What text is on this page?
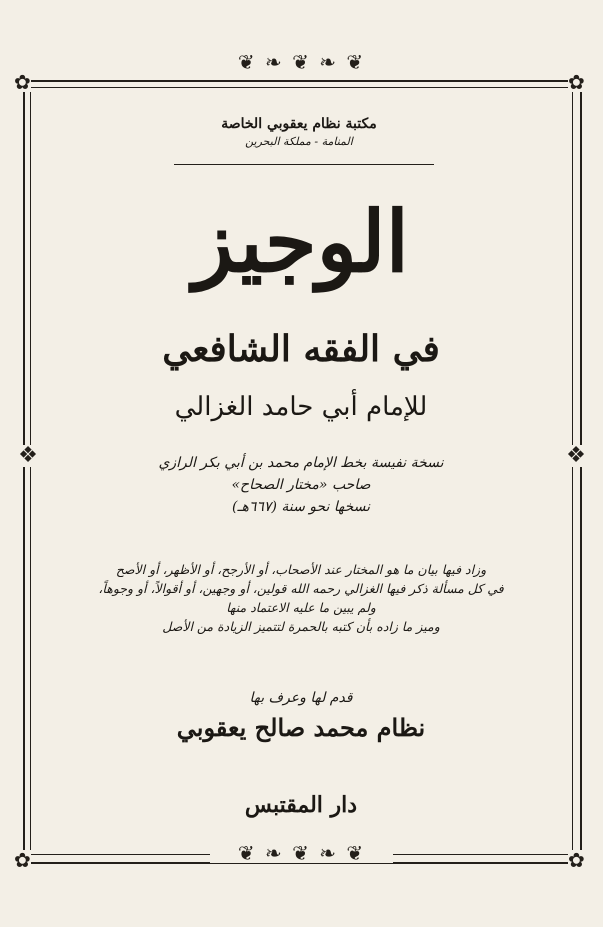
❦ ❧ ❦ ❧ ❦
❦ ❧ ❦ ❧ ❦
❖	❖
✿	✿
✿	✿
مكتبة نظام يعقوبي الخاصة
المنامة - مملكة البحرين
الوجيز
في الفقه الشافعي
للإمام أبي حامد الغزالي
نسخة نفيسة بخط الإمام محمد بن أبي بكر الرازي
صاحب «مختار الصحاح»
نسخها نحو سنة (٦٦٧هـ)
وزاد فيها بيان ما هو المختار عند الأصحاب، أو الأرجح، أو الأظهر، أو الأصح
في كل مسألة ذكر فيها الغزالي رحمه الله قولين، أو وجهين، أو أقوالاً، أو وجوهاً،
ولم يبين ما عليه الاعتماد منها
وميز ما زاده بأن كتبه بالحمرة لتتميز الزيادة من الأصل
قدم لها وعرف بها
نظام محمد صالح يعقوبي
دار المقتبس
